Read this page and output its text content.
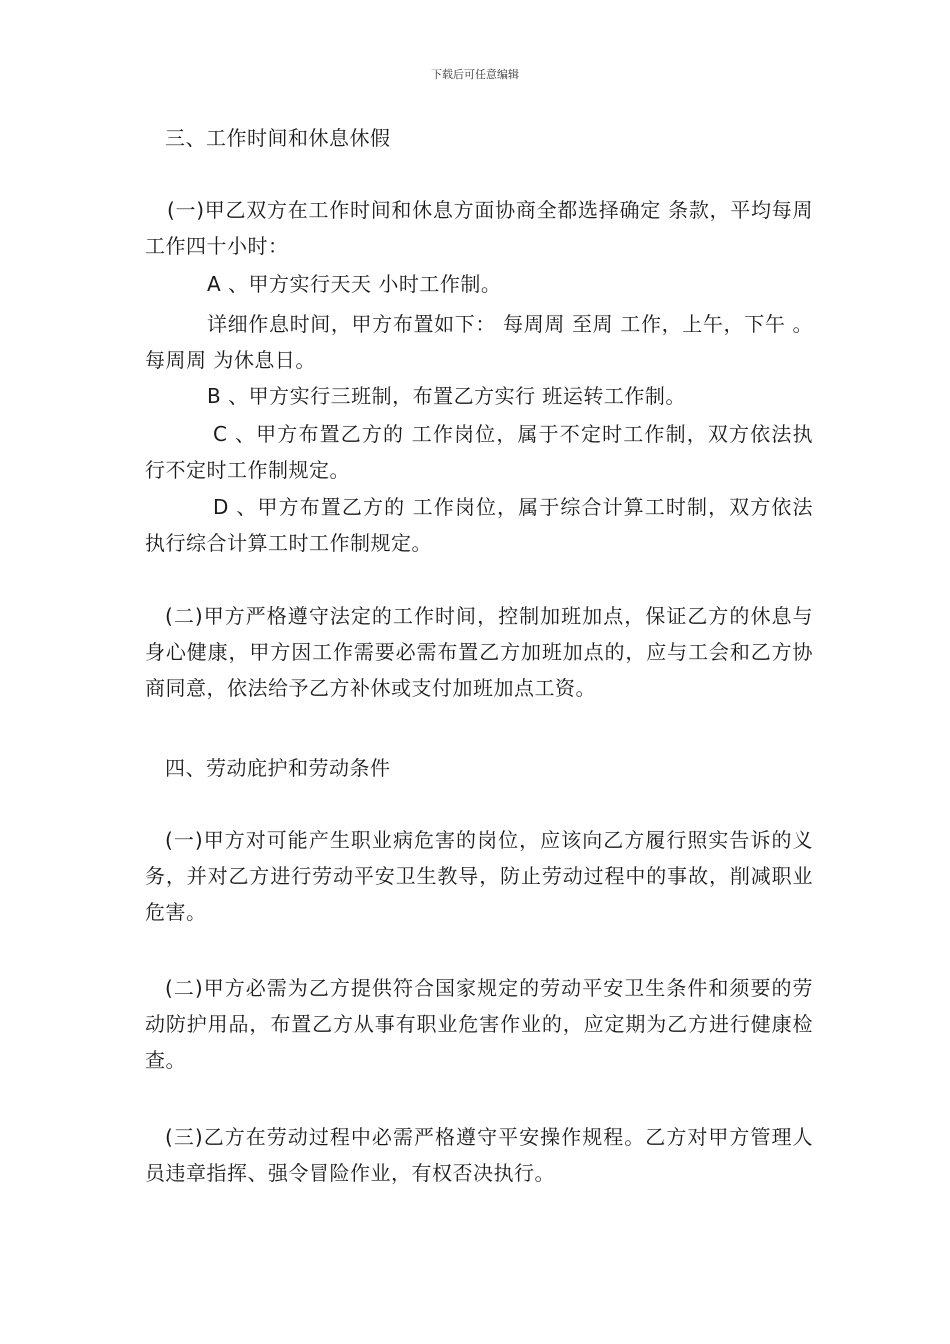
下载后可任意编辑
三、工作时间和休息休假
(一)甲乙双方在工作时间和休息方面协商全都选择确定 条款，平均每周工作四十小时：
A 、甲方实行天天 小时工作制。
详细作息时间，甲方布置如下： 每周周 至周 工作，上午，下午 。每周周 为休息日。
B 、甲方实行三班制，布置乙方实行 班运转工作制。
C 、甲方布置乙方的 工作岗位，属于不定时工作制，双方依法执行不定时工作制规定。
D 、甲方布置乙方的 工作岗位，属于综合计算工时制，双方依法执行综合计算工时工作制规定。
(二)甲方严格遵守法定的工作时间，控制加班加点，保证乙方的休息与身心健康，甲方因工作需要必需布置乙方加班加点的，应与工会和乙方协商同意，依法给予乙方补休或支付加班加点工资。
四、劳动庇护和劳动条件
(一)甲方对可能产生职业病危害的岗位，应该向乙方履行照实告诉的义务，并对乙方进行劳动平安卫生教导，防止劳动过程中的事故，削减职业危害。
(二)甲方必需为乙方提供符合国家规定的劳动平安卫生条件和须要的劳动防护用品，布置乙方从事有职业危害作业的，应定期为乙方进行健康检查。
(三)乙方在劳动过程中必需严格遵守平安操作规程。乙方对甲方管理人员违章指挥、强令冒险作业，有权否决执行。
